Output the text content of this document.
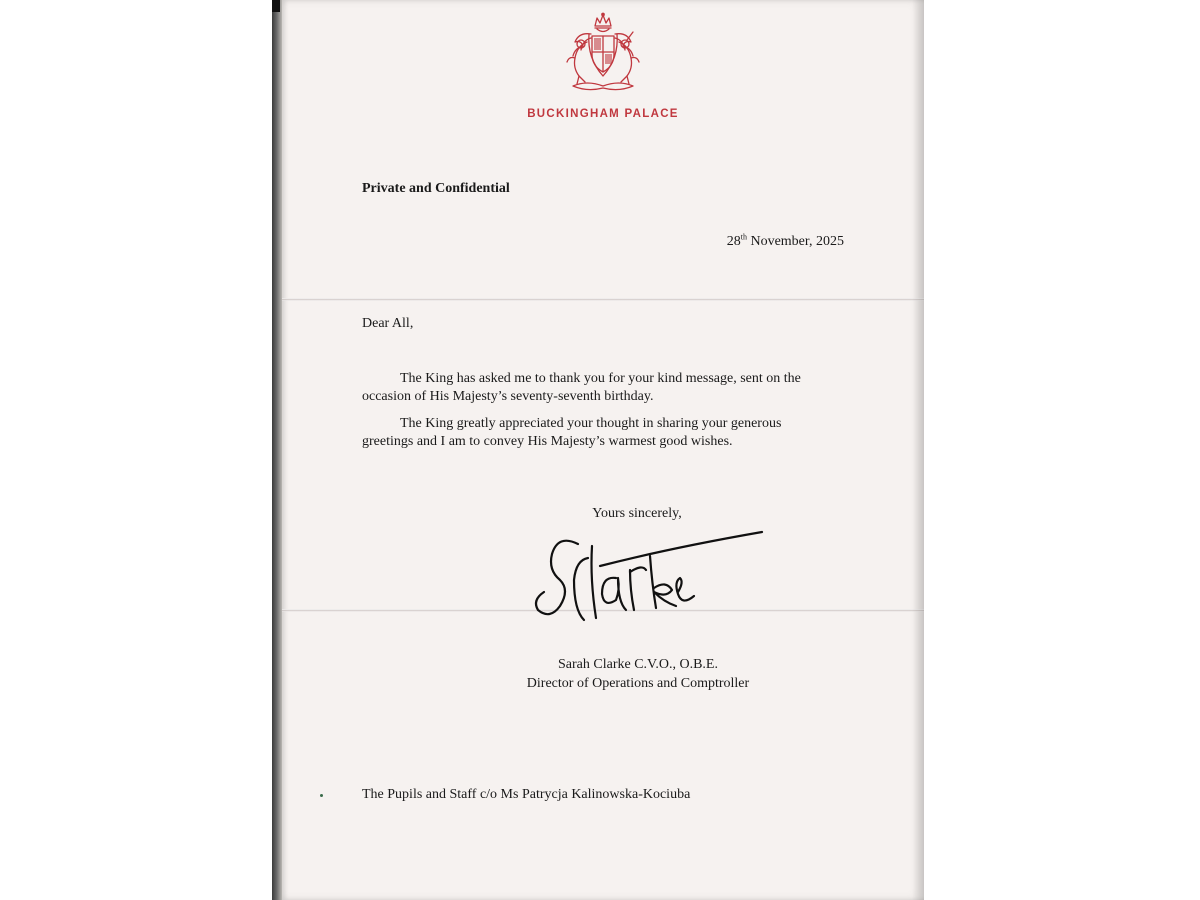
BUCKINGHAM PALACE
Private and Confidential
28th November, 2025
Dear All,
The King has asked me to thank you for your kind message, sent on the occasion of His Majesty’s seventy-seventh birthday.
The King greatly appreciated your thought in sharing your generous greetings and I am to convey His Majesty’s warmest good wishes.
Yours sincerely,
Sarah Clarke C.V.O., O.B.E.
Director of Operations and Comptroller
The Pupils and Staff c/o Ms Patrycja Kalinowska-Kociuba
